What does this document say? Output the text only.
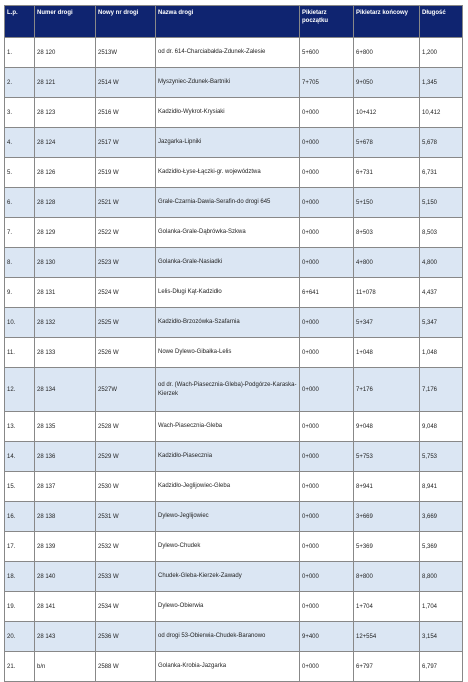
L.p.	Numer drogi	Nowy nr drogi	Nazwa drogi	Pikietarz początku	Pikietarz końcowy	Długość
1.	28 120	2513W	od dr. 614-Charciabałda-Zdunek-Zalesie	5+600	6+800	1,200
2.	28 121	2514 W	Myszyniec-Zdunek-Bartniki	7+705	9+050	1,345
3.	28 123	2516 W	Kadzidło-Wykrot-Krysiaki	0+000	10+412	10,412
4.	28 124	2517 W	Jazgarka-Lipniki	0+000	5+678	5,678
5.	28 126	2519 W	Kadzidło-Łyse-Łączki-gr. województwa	0+000	6+731	6,731
6.	28 128	2521 W	Grale-Czarnia-Dawia-Serafin-do drogi 645	0+000	5+150	5,150
7.	28 129	2522 W	Golanka-Grale-Dąbrówka-Szkwa	0+000	8+503	8,503
8.	28 130	2523 W	Golanka-Grale-Nasiadki	0+000	4+800	4,800
9.	28 131	2524 W	Lelis-Długi Kąt-Kadzidło	6+641	11+078	4,437
10.	28 132	2525 W	Kadzidło-Brzozówka-Szafarnia	0+000	5+347	5,347
11.	28 133	2526 W	Nowe Dylewo-Gibałka-Lelis	0+000	1+048	1,048
12.	28 134	2527W	od dr. (Wach-Piasecznia-Gleba)-Podgórze-Karaska-Kierzek	0+000	7+176	7,176
13.	28 135	2528 W	Wach-Piasecznia-Gleba	0+000	9+048	9,048
14.	28 136	2529 W	Kadzidło-Piasecznia	0+000	5+753	5,753
15.	28 137	2530 W	Kadzidło-Jeglijowiec-Gleba	0+000	8+941	8,941
16.	28 138	2531 W	Dylewo-Jeglijowiec	0+000	3+669	3,669
17.	28 139	2532 W	Dylewo-Chudek	0+000	5+369	5,369
18.	28 140	2533 W	Chudek-Gleba-Kierzek-Zawady	0+000	8+800	8,800
19.	28 141	2534 W	Dylewo-Obierwia	0+000	1+704	1,704
20.	28 143	2536 W	od drogi 53-Obierwia-Chudek-Baranowo	9+400	12+554	3,154
21.	b/n	2588 W	Golanka-Krobia-Jazgarka	0+000	6+797	6,797
